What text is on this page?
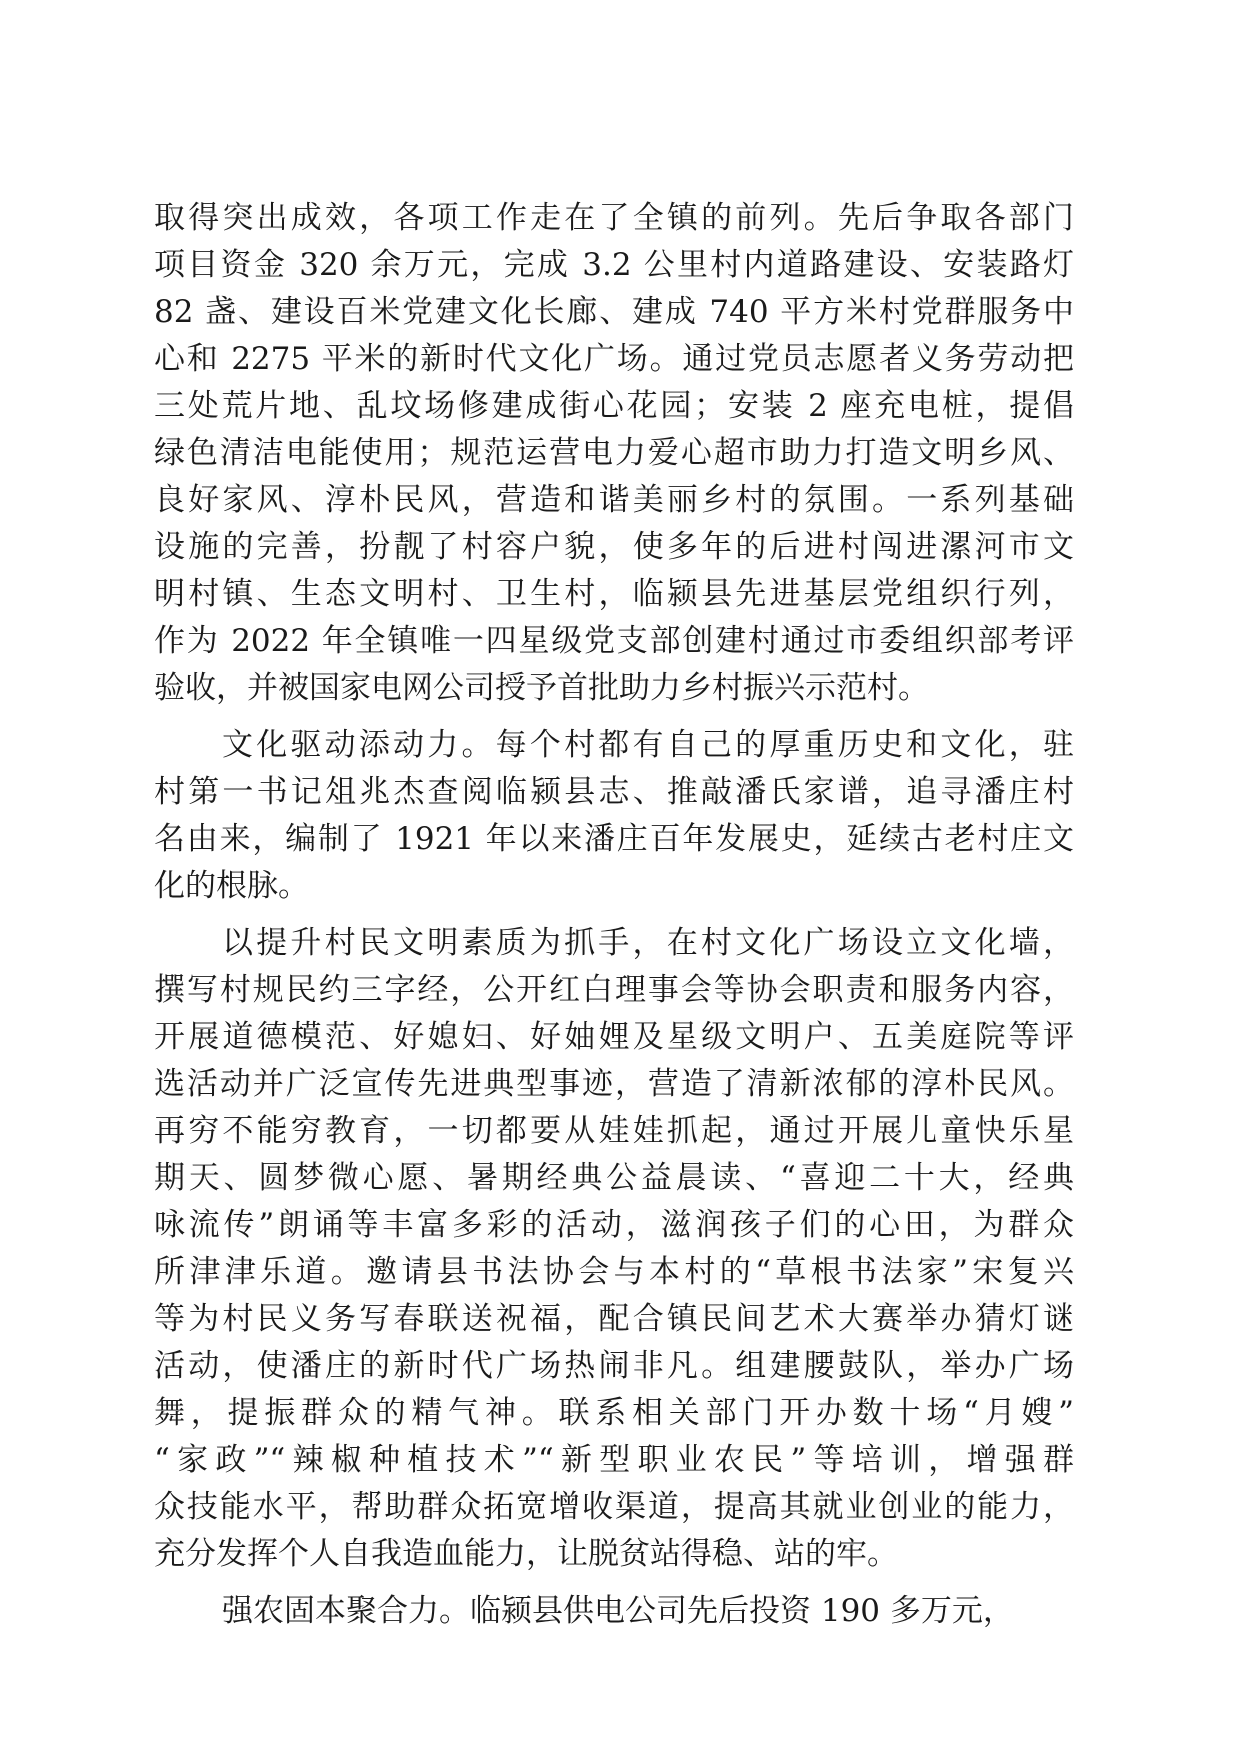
取得突出成效，各项工作走在了全镇的前列。先后争取各部门
项目资金 320 余万元，完成 3.2 公里村内道路建设、安装路灯
82 盏、建设百米党建文化长廊、建成 740 平方米村党群服务中
心和 2275 平米的新时代文化广场。通过党员志愿者义务劳动把
三处荒片地、乱坟场修建成街心花园；安装 2 座充电桩，提倡
绿色清洁电能使用；规范运营电力爱心超市助力打造文明乡风、
良好家风、淳朴民风，营造和谐美丽乡村的氛围。一系列基础
设施的完善，扮靓了村容户貌，使多年的后进村闯进漯河市文
明村镇、生态文明村、卫生村，临颍县先进基层党组织行列，
作为 2022 年全镇唯一四星级党支部创建村通过市委组织部考评
验收，并被国家电网公司授予首批助力乡村振兴示范村。
文化驱动添动力。每个村都有自己的厚重历史和文化，驻
村第一书记俎兆杰查阅临颍县志、推敲潘氏家谱，追寻潘庄村
名由来，编制了 1921 年以来潘庄百年发展史，延续古老村庄文
化的根脉。
以提升村民文明素质为抓手，在村文化广场设立文化墙，
撰写村规民约三字经，公开红白理事会等协会职责和服务内容，
开展道德模范、好媳妇、好妯娌及星级文明户、五美庭院等评
选活动并广泛宣传先进典型事迹，营造了清新浓郁的淳朴民风。
再穷不能穷教育，一切都要从娃娃抓起，通过开展儿童快乐星
期天、圆梦微心愿、暑期经典公益晨读、“喜迎二十大，经典
咏流传”朗诵等丰富多彩的活动，滋润孩子们的心田，为群众
所津津乐道。邀请县书法协会与本村的“草根书法家”宋复兴
等为村民义务写春联送祝福，配合镇民间艺术大赛举办猜灯谜
活动，使潘庄的新时代广场热闹非凡。组建腰鼓队，举办广场
舞，提振群众的精气神。联系相关部门开办数十场“月嫂”
“家政”“辣椒种植技术”“新型职业农民”等培训，增强群
众技能水平，帮助群众拓宽增收渠道，提高其就业创业的能力，
充分发挥个人自我造血能力，让脱贫站得稳、站的牢。
强农固本聚合力。临颍县供电公司先后投资 190 多万元，
